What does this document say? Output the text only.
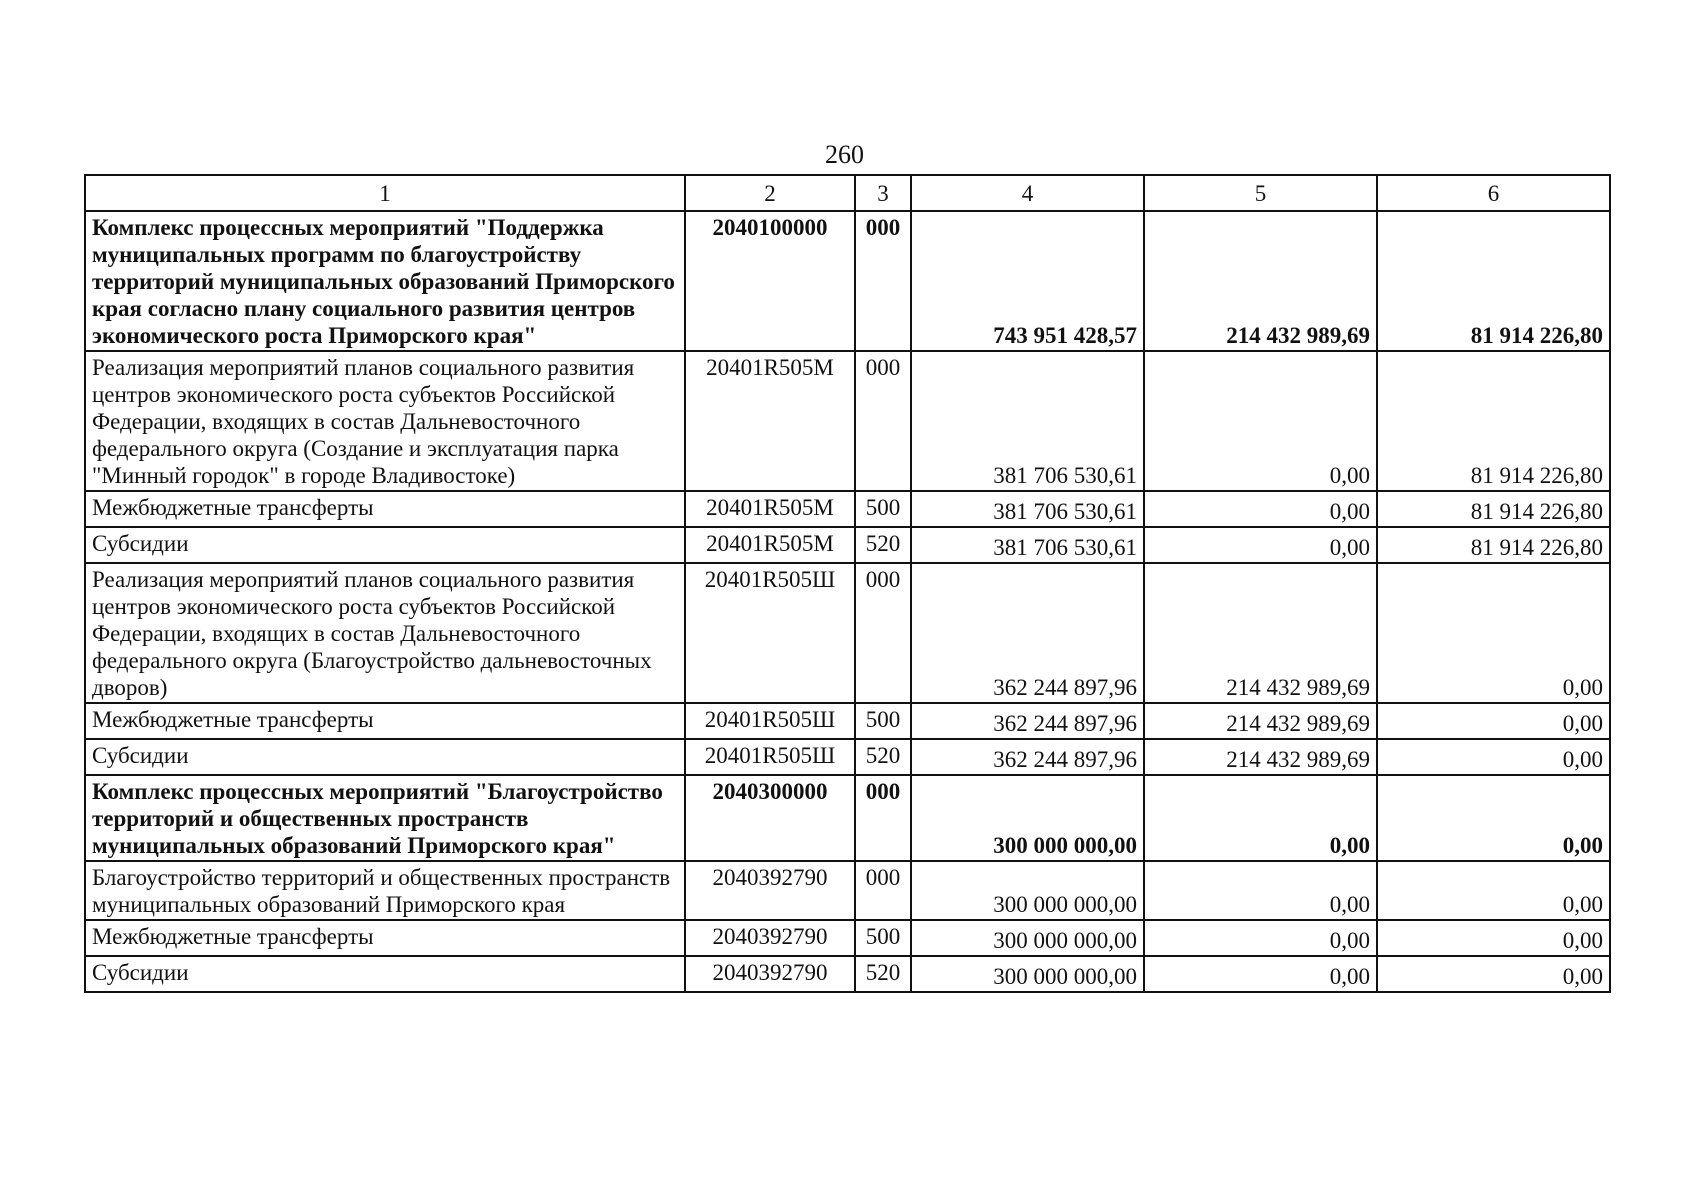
260
1	2	3	4	5	6
Комплекс процессных мероприятий "Поддержка муниципальных программ по благоустройству территорий муниципальных образований Приморского края согласно плану социального развития центров экономического роста Приморского края"	2040100000	000	743 951 428,57	214 432 989,69	81 914 226,80
Реализация мероприятий планов социального развития центров экономического роста субъектов Российской Федерации, входящих в состав Дальневосточного федерального округа (Создание и эксплуатация парка "Минный городок" в городе Владивостоке)	20401R505M	000	381 706 530,61	0,00	81 914 226,80
Межбюджетные трансферты	20401R505M	500	381 706 530,61	0,00	81 914 226,80
Субсидии	20401R505M	520	381 706 530,61	0,00	81 914 226,80
Реализация мероприятий планов социального развития центров экономического роста субъектов Российской Федерации, входящих в состав Дальневосточного федерального округа (Благоустройство дальневосточных дворов)	20401R505Ш	000	362 244 897,96	214 432 989,69	0,00
Межбюджетные трансферты	20401R505Ш	500	362 244 897,96	214 432 989,69	0,00
Субсидии	20401R505Ш	520	362 244 897,96	214 432 989,69	0,00
Комплекс процессных мероприятий "Благоустройство территорий и общественных пространств муниципальных образований Приморского края"	2040300000	000	300 000 000,00	0,00	0,00
Благоустройство территорий и общественных пространств муниципальных образований Приморского края	2040392790	000	300 000 000,00	0,00	0,00
Межбюджетные трансферты	2040392790	500	300 000 000,00	0,00	0,00
Субсидии	2040392790	520	300 000 000,00	0,00	0,00
